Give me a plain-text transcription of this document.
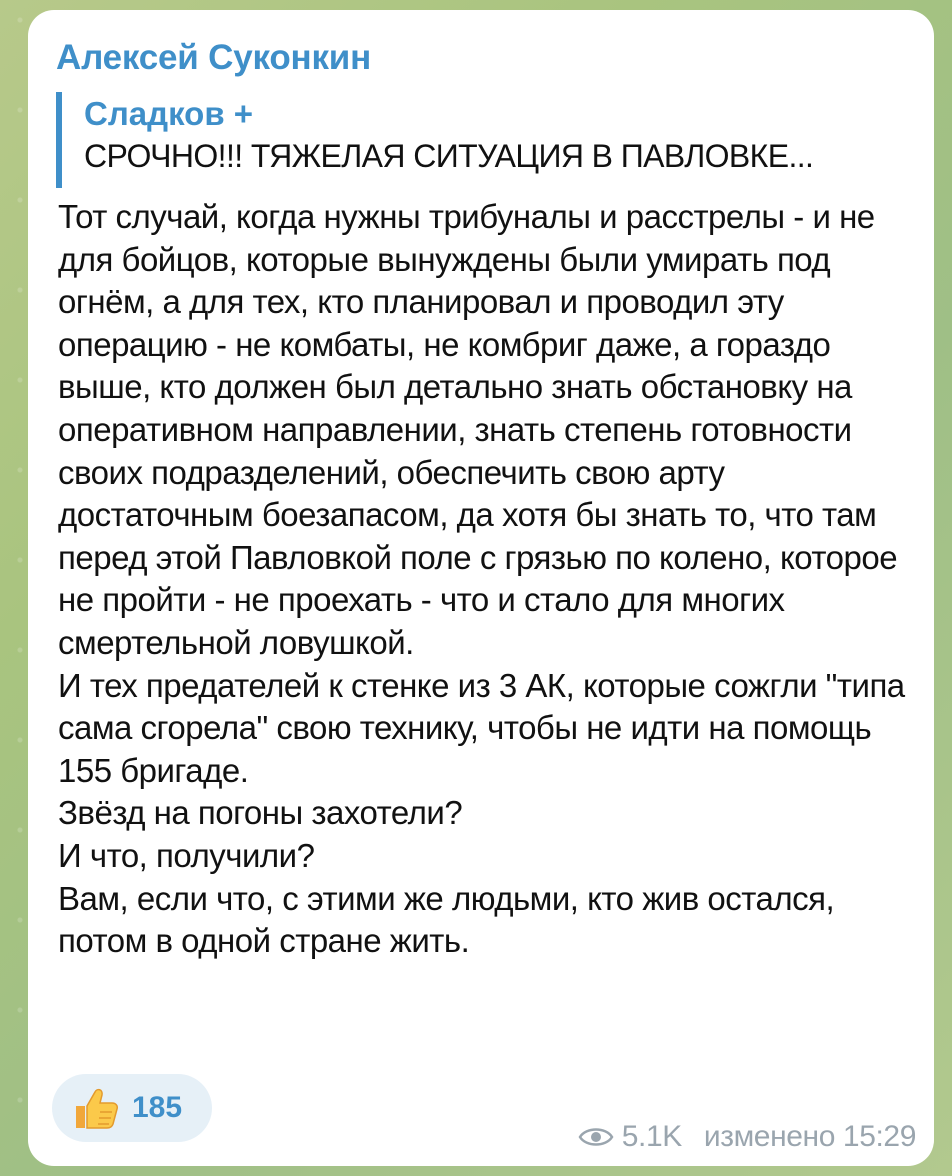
Алексей Суконкин
Сладков +
СРОЧНО!!! ТЯЖЕЛАЯ СИТУАЦИЯ В ПАВЛОВКЕ...

Тот случай, когда нужны трибуналы и расстрелы - и не для бойцов, которые вынуждены были умирать под огнём, а для тех, кто планировал и проводил эту операцию - не комбаты, не комбриг даже, а гораздо выше, кто должен был детально знать обстановку на оперативном направлении, знать степень готовности своих подразделений, обеспечить свою арту достаточным боезапасом, да хотя бы знать то, что там перед этой Павловкой поле с грязью по колено, которое не пройти - не проехать - что и стало для многих смертельной ловушкой.

И тех предателей к стенке из 3 АК, которые сожгли "типа сама сгорела" свою технику, чтобы не идти на помощь 155 бригаде.

Звёзд на погоны захотели?

И что, получили?

Вам, если что, с этими же людьми, кто жив остался, потом в одной стране жить.

185
5.1K изменено 15:29
